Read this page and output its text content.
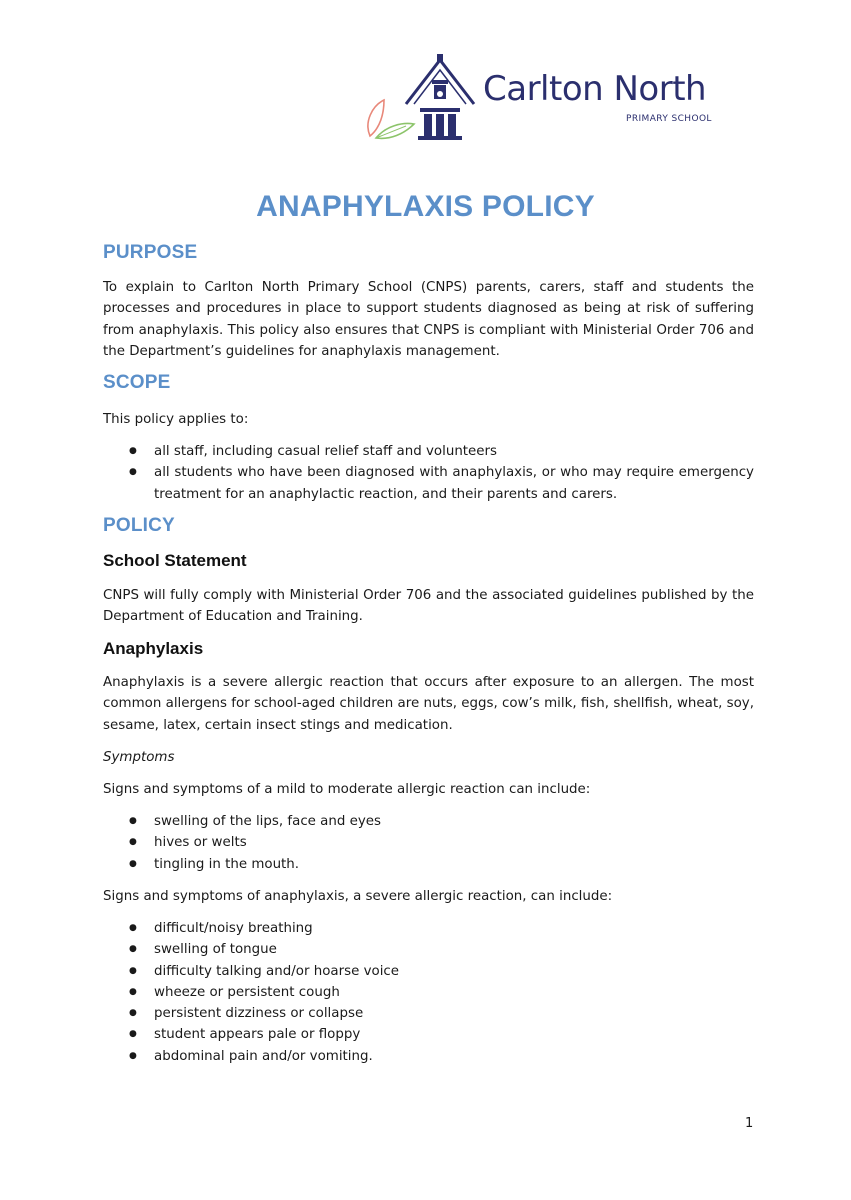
Carlton North
PRIMARY SCHOOL
ANAPHYLAXIS POLICY
PURPOSE

To explain to Carlton North Primary School (CNPS) parents, carers, staff and students the processes and procedures in place to support students diagnosed as being at risk of suffering from anaphylaxis. This policy also ensures that CNPS is compliant with Ministerial Order 706 and the Department’s guidelines for anaphylaxis management.

SCOPE

This policy applies to:

● all staff, including casual relief staff and volunteers
● all students who have been diagnosed with anaphylaxis, or who may require emergency treatment for an anaphylactic reaction, and their parents and carers.
POLICY
School Statement

CNPS will fully comply with Ministerial Order 706 and the associated guidelines published by the Department of Education and Training.

Anaphylaxis

Anaphylaxis is a severe allergic reaction that occurs after exposure to an allergen. The most common allergens for school-aged children are nuts, eggs, cow’s milk, fish, shellfish, wheat, soy, sesame, latex, certain insect stings and medication.

Symptoms

Signs and symptoms of a mild to moderate allergic reaction can include:

● swelling of the lips, face and eyes
● hives or welts
● tingling in the mouth.

Signs and symptoms of anaphylaxis, a severe allergic reaction, can include:

● difficult/noisy breathing
● swelling of tongue
● difficulty talking and/or hoarse voice
● wheeze or persistent cough
● persistent dizziness or collapse
● student appears pale or floppy
● abdominal pain and/or vomiting.
1
